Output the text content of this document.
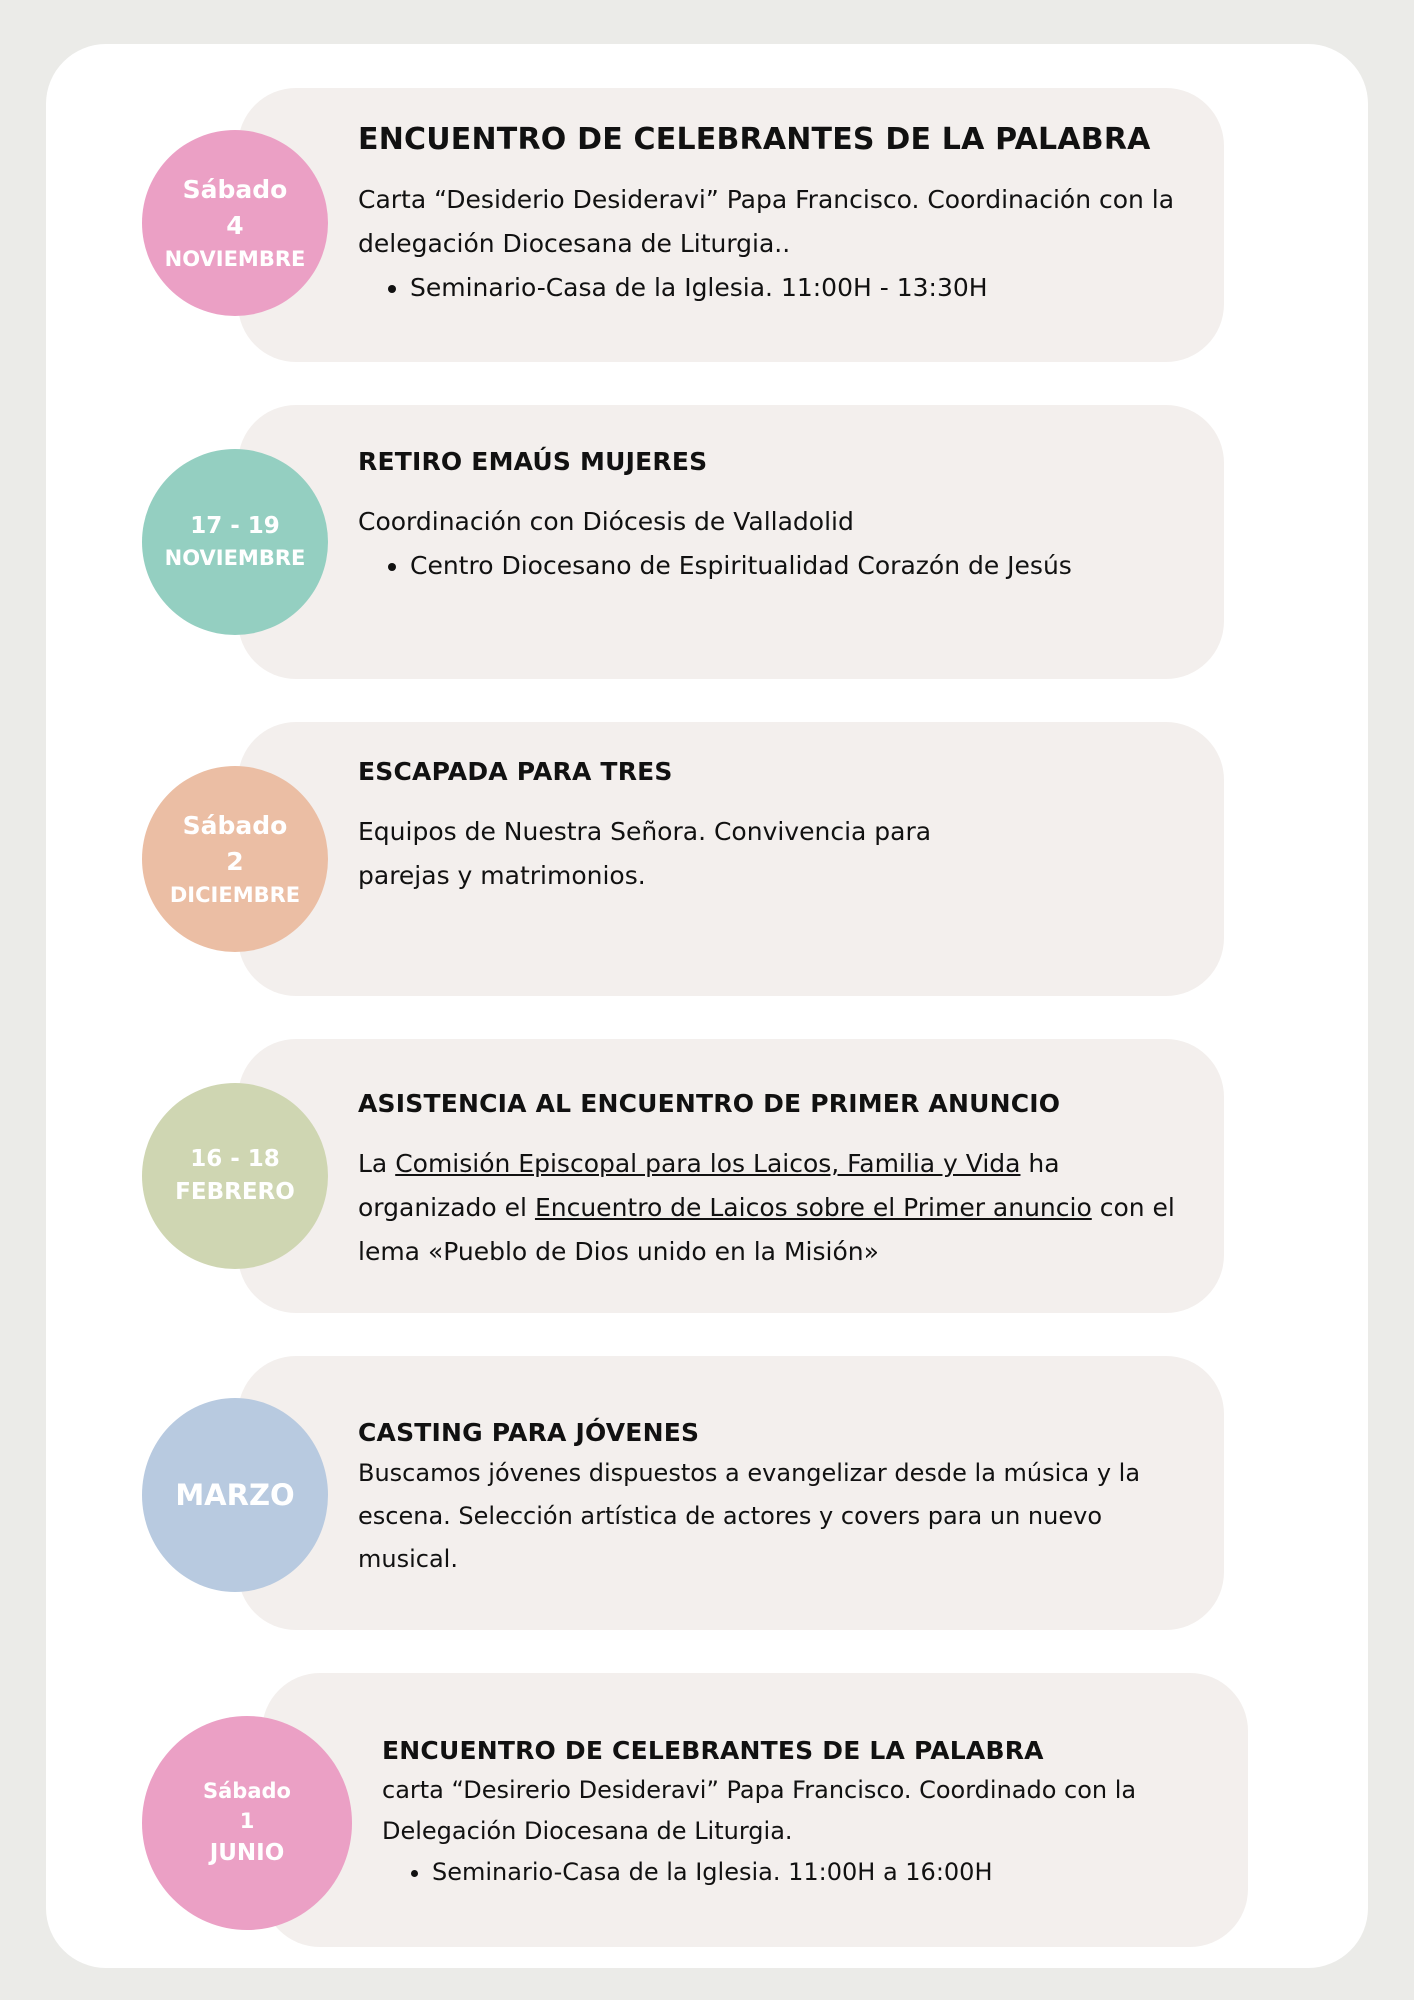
Sábado
4
NOVIEMBRE

ENCUENTRO DE CELEBRANTES DE LA PALABRA

Carta “Desiderio Desideravi” Papa Francisco. Coordinación con la delegación Diocesana de Liturgia..

• Seminario-Casa de la Iglesia. 11:00H - 13:30H
17 - 19
NOVIEMBRE

RETIRO EMAÚS MUJERES

Coordinación con Diócesis de Valladolid

• Centro Diocesano de Espiritualidad Corazón de Jesús
Sábado
2
DICIEMBRE

ESCAPADA PARA TRES

Equipos de Nuestra Señora. Convivencia para
parejas y matrimonios.

16 - 18
FEBRERO

ASISTENCIA AL ENCUENTRO DE PRIMER ANUNCIO

La Comisión Episcopal para los Laicos, Familia y Vida ha organizado el Encuentro de Laicos sobre el Primer anuncio con el lema «Pueblo de Dios unido en la Misión»

MARZO

CASTING PARA JÓVENES

Buscamos jóvenes dispuestos a evangelizar desde la música y la escena. Selección artística de actores y covers para un nuevo musical.

Sábado
1
JUNIO

ENCUENTRO DE CELEBRANTES DE LA PALABRA

carta “Desirerio Desideravi” Papa Francisco. Coordinado con la Delegación Diocesana de Liturgia.

• Seminario-Casa de la Iglesia. 11:00H a 16:00H
